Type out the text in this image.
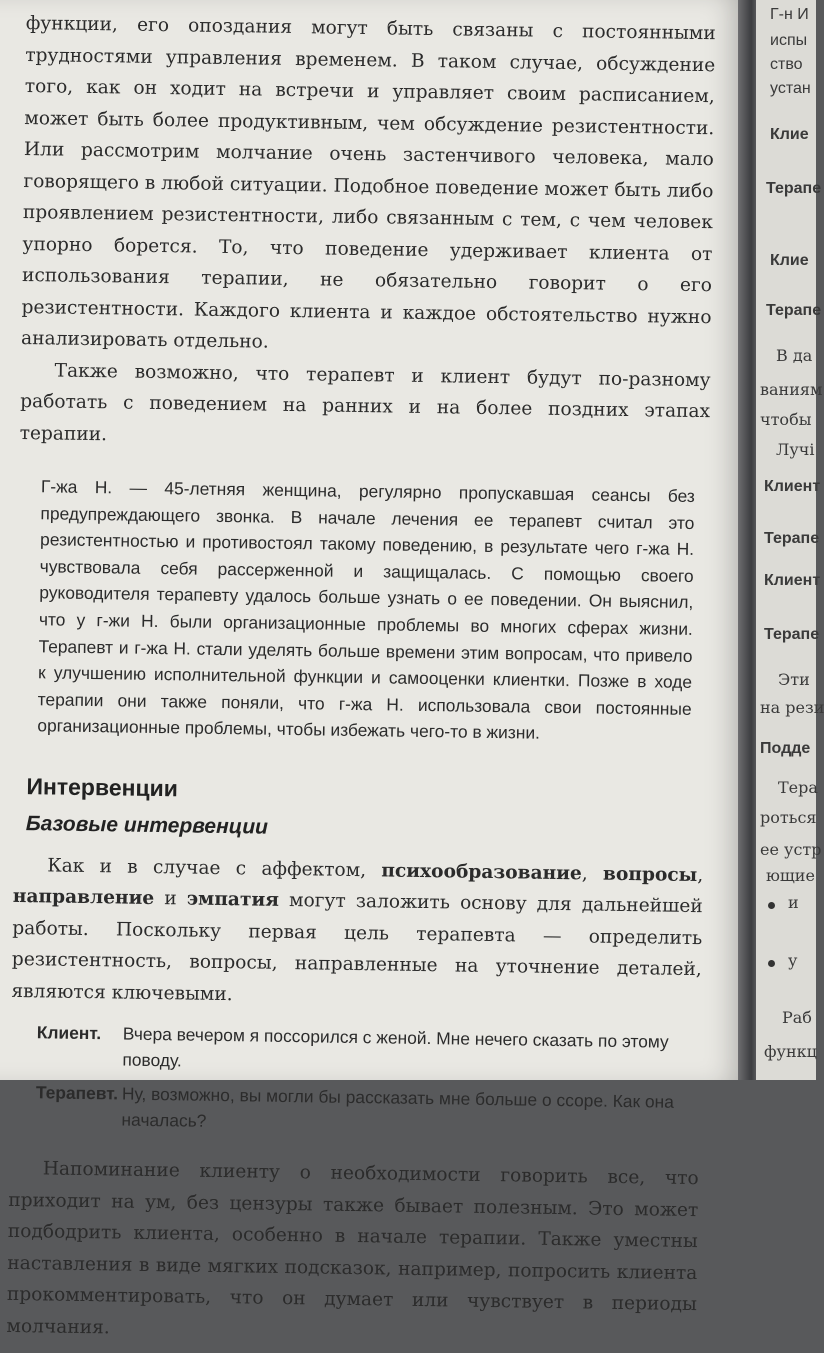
функции, его опоздания могут быть связаны с постоянными трудностями управления временем. В таком случае, обсуждение того, как он ходит на встречи и управляет своим расписанием, может быть более продуктивным, чем обсуждение резистентности. Или рассмотрим молчание очень застенчивого человека, мало говорящего в любой ситуации. Подобное поведение может быть либо проявлением резистентности, либо связанным с тем, с чем человек упорно борется. То, что поведение удерживает клиента от использования терапии, не обязательно говорит о его резистентности. Каждого клиента и каждое обстоятельство нужно анализировать отдельно.

Также возможно, что терапевт и клиент будут по-разному работать с поведением на ранних и на более поздних этапах терапии.

Г-жа Н. — 45-летняя женщина, регулярно пропускавшая сеансы без предупреждающего звонка. В начале лечения ее терапевт считал это резистентностью и противостоял такому поведению, в результате чего г-жа Н. чувствовала себя рассерженной и защищалась. С помощью своего руководителя терапевту удалось больше узнать о ее поведении. Он выяснил, что у г-жи Н. были организационные проблемы во многих сферах жизни. Терапевт и г-жа Н. стали уделять больше времени этим вопросам, что привело к улучшению исполнительной функции и самооценки клиентки. Позже в ходе терапии они также поняли, что г-жа Н. использовала свои постоянные организационные проблемы, чтобы избежать чего-то в жизни.
Интервенции
Базовые интервенции

Как и в случае с аффектом, психообразование, вопросы, направление и эмпатия могут заложить основу для дальнейшей работы. Поскольку первая цель терапевта — определить резистентность, вопросы, направленные на уточнение деталей, являются ключевыми.

Клиент.	Вчера вечером я поссорился с женой. Мне нечего сказать по этому поводу.
Терапевт. Ну, возможно, вы могли бы рассказать мне больше о ссоре. Как она началась?

Напоминание клиенту о необходимости говорить все, что приходит на ум, без цензуры также бывает полезным. Это может подбодрить клиента, особенно в начале терапии. Также уместны наставления в виде мягких подсказок, например, попросить клиента прокомментировать, что он думает или чувствует в периоды молчания.

Г-н И
испы
ство
устан
Клие
Терапе
Клие
Терапе
В да
ваниям
чтобы
Лучі
Клиент
Терапе
Клиент
Терапе
Эти
на рези
Подде
Тера
роться
ее устр
ющие
и
у
Раб
функц
